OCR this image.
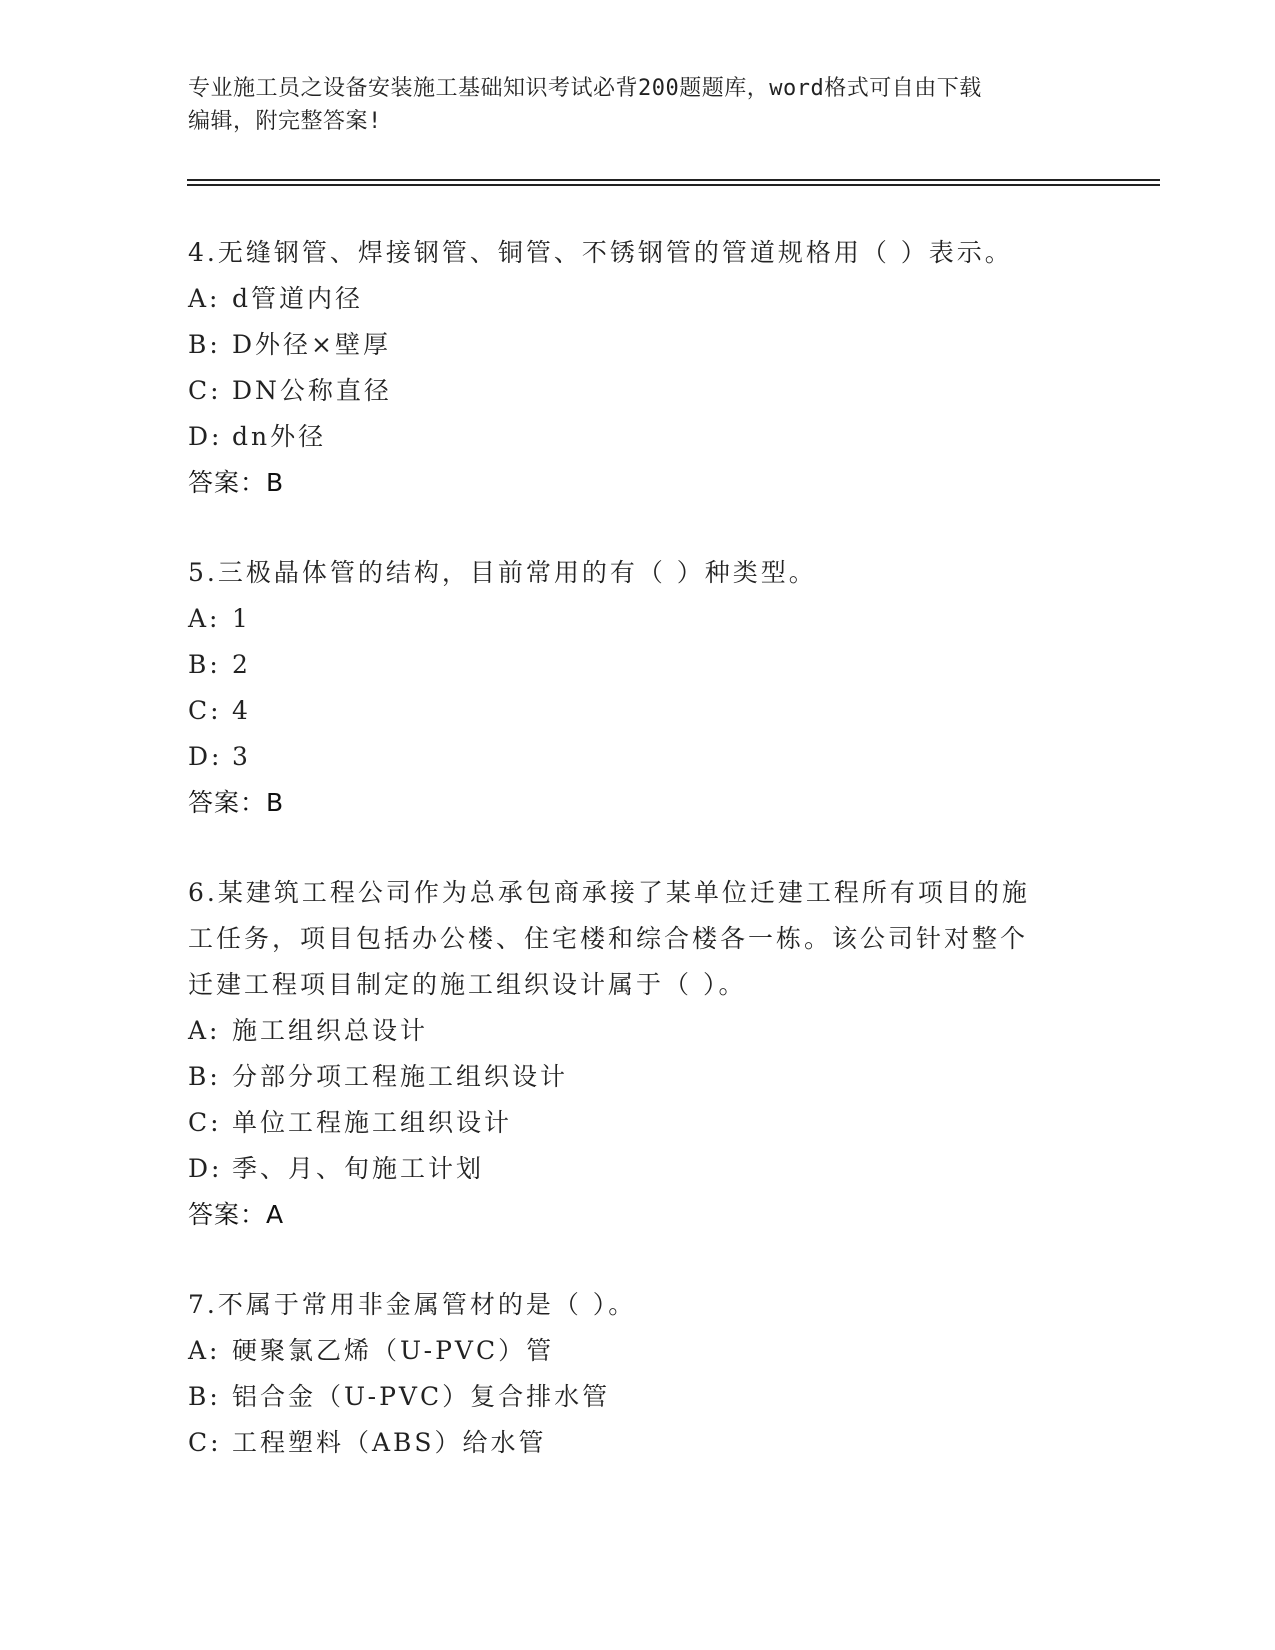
专业施工员之设备安装施工基础知识考试必背200题题库，word格式可自由下载
编辑，附完整答案!

4.无缝钢管、焊接钢管、铜管、不锈钢管的管道规格用（ ）表示。

A: d管道内径

B: D外径×壁厚

C: DN公称直径

D: dn外径

答案：B

5.三极晶体管的结构，目前常用的有（ ）种类型。

A: 1

B: 2

C: 4

D: 3

答案：B

6.某建筑工程公司作为总承包商承接了某单位迁建工程所有项目的施

工任务，项目包括办公楼、住宅楼和综合楼各一栋。该公司针对整个

迁建工程项目制定的施工组织设计属于（ ）。

A: 施工组织总设计

B: 分部分项工程施工组织设计

C: 单位工程施工组织设计

D: 季、月、旬施工计划

答案：A

7.不属于常用非金属管材的是（ ）。

A: 硬聚氯乙烯（U-PVC）管

B: 铝合金（U-PVC）复合排水管

C: 工程塑料（ABS）给水管
